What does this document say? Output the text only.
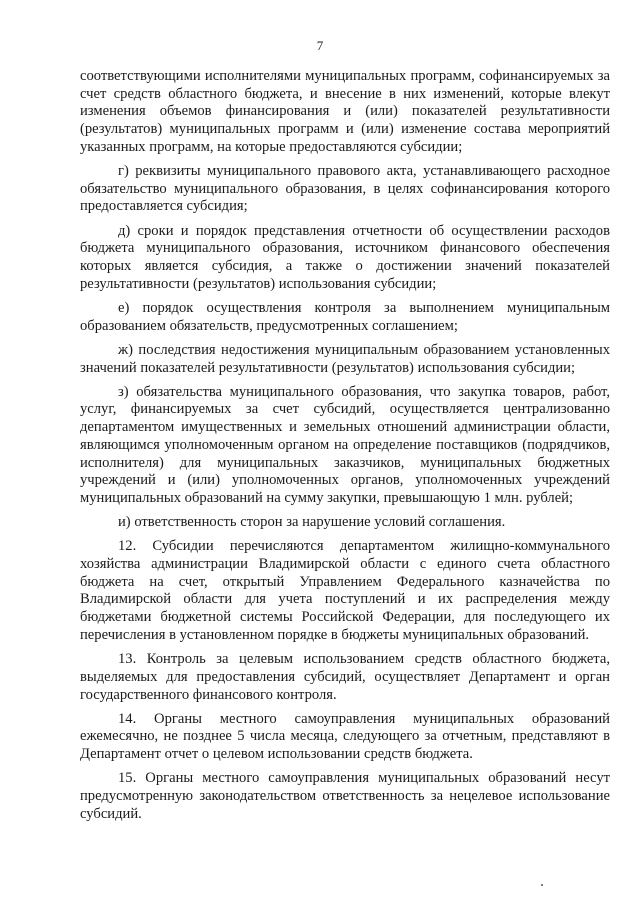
7

соответствующими исполнителями муниципальных программ, софинансируемых за счет средств областного бюджета, и внесение в них изменений, которые влекут изменения объемов финансирования и (или) показателей результативности (результатов) муниципальных программ и (или) изменение состава мероприятий указанных программ, на которые предоставляются субсидии;

г) реквизиты муниципального правового акта, устанавливающего расходное обязательство муниципального образования, в целях софинансирования которого предоставляется субсидия;

д) сроки и порядок представления отчетности об осуществлении расходов бюджета муниципального образования, источником финансового обеспечения которых является субсидия, а также о достижении значений показателей результативности (результатов) использования субсидии;

е) порядок осуществления контроля за выполнением муниципальным образованием обязательств, предусмотренных соглашением;

ж) последствия недостижения муниципальным образованием установленных значений показателей результативности (результатов) использования субсидии;

з) обязательства муниципального образования, что закупка товаров, работ, услуг, финансируемых за счет субсидий, осуществляется централизованно департаментом имущественных и земельных отношений администрации области, являющимся уполномоченным органом на определение поставщиков (подрядчиков, исполнителя) для муниципальных заказчиков, муниципальных бюджетных учреждений и (или) уполномоченных органов, уполномоченных учреждений муниципальных образований на сумму закупки, превышающую 1 млн. рублей;

и) ответственность сторон за нарушение условий соглашения.

12. Субсидии перечисляются департаментом жилищно-коммунального хозяйства администрации Владимирской области с единого счета областного бюджета на счет, открытый Управлением Федерального казначейства по Владимирской области для учета поступлений и их распределения между бюджетами бюджетной системы Российской Федерации, для последующего их перечисления в установленном порядке в бюджеты муниципальных образований.

13. Контроль за целевым использованием средств областного бюджета, выделяемых для предоставления субсидий, осуществляет Департамент и орган государственного финансового контроля.

14. Органы местного самоуправления муниципальных образований ежемесячно, не позднее 5 числа месяца, следующего за отчетным, представляют в Департамент отчет о целевом использовании средств бюджета.

15. Органы местного самоуправления муниципальных образований несут предусмотренную законодательством ответственность за нецелевое использование субсидий.
